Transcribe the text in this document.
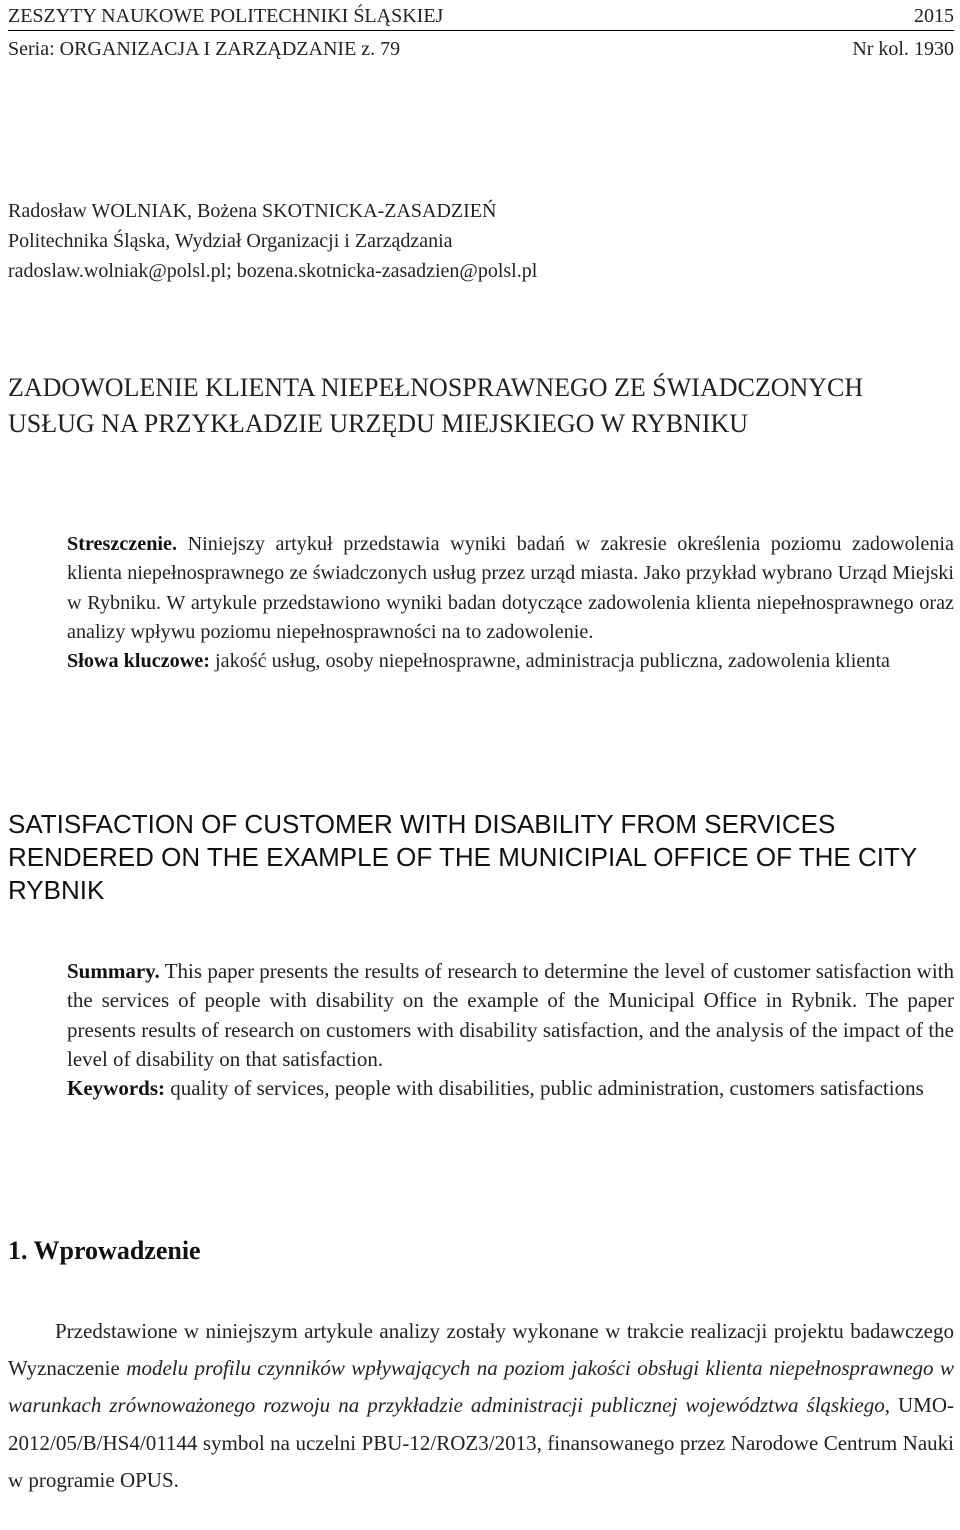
ZESZYTY NAUKOWE POLITECHNIKI ŚLĄSKIEJ	2015
Seria: ORGANIZACJA I ZARZĄDZANIE z. 79	Nr kol. 1930
Radosław WOLNIAK, Bożena SKOTNICKA-ZASADZIEŃ
Politechnika Śląska, Wydział Organizacji i Zarządzania
radoslaw.wolniak@polsl.pl; bozena.skotnicka-zasadzien@polsl.pl
ZADOWOLENIE KLIENTA NIEPEŁNOSPRAWNEGO ZE ŚWIADCZONYCH USŁUG NA PRZYKŁADZIE URZĘDU MIEJSKIEGO W RYBNIKU
Streszczenie. Niniejszy artykuł przedstawia wyniki badań w zakresie określenia poziomu zadowolenia klienta niepełnosprawnego ze świadczonych usług przez urząd miasta. Jako przykład wybrano Urząd Miejski w Rybniku. W artykule przedstawiono wyniki badan dotyczące zadowolenia klienta niepełnosprawnego oraz analizy wpływu poziomu niepełnosprawności na to zadowolenie.
Słowa kluczowe: jakość usług, osoby niepełnosprawne, administracja publiczna, zadowolenia klienta
SATISFACTION OF CUSTOMER WITH DISABILITY FROM SERVICES RENDERED ON THE EXAMPLE OF THE MUNICIPIAL OFFICE OF THE CITY RYBNIK
Summary. This paper presents the results of research to determine the level of customer satisfaction with the services of people with disability on the example of the Municipal Office in Rybnik. The paper presents results of research on customers with disability satisfaction, and the analysis of the impact of the level of disability on that satisfaction.
Keywords: quality of services, people with disabilities, public administration, customers satisfactions
1. Wprowadzenie
Przedstawione w niniejszym artykule analizy zostały wykonane w trakcie realizacji projektu badawczego Wyznaczenie modelu profilu czynników wpływających na poziom jakości obsługi klienta niepełnosprawnego w warunkach zrównoważonego rozwoju na przykładzie administracji publicznej województwa śląskiego, UMO-2012/05/B/HS4/01144 symbol na uczelni PBU-12/ROZ3/2013, finansowanego przez Narodowe Centrum Nauki w programie OPUS.
